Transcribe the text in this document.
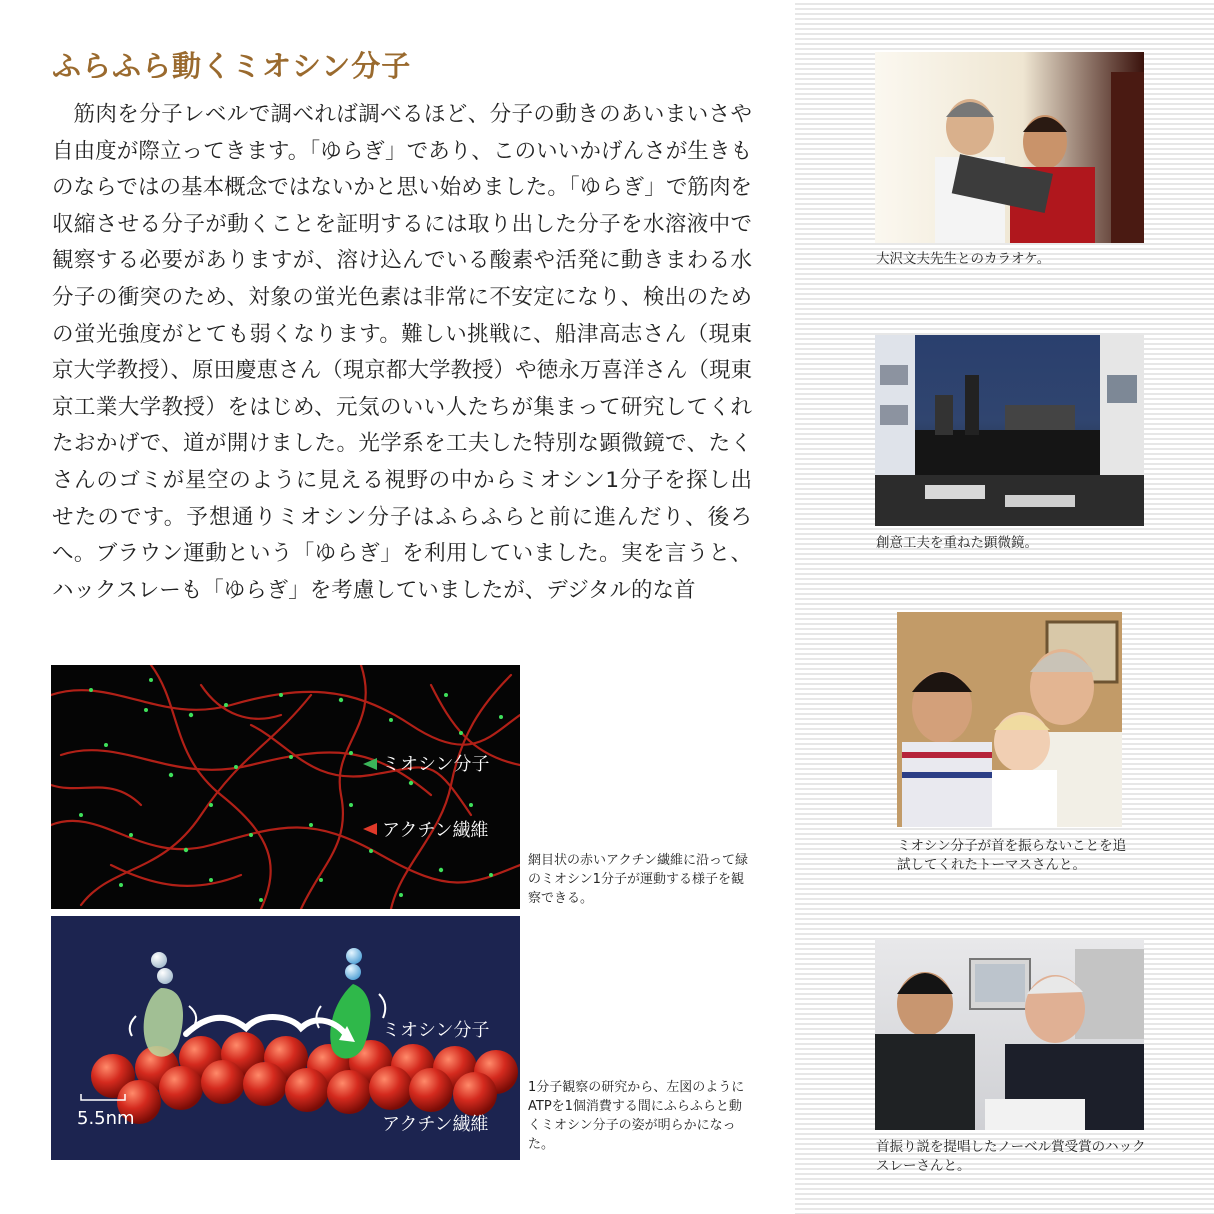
ふらふら動くミオシン分子

筋肉を分子レベルで調べれば調べるほど、分子の動きのあいまいさや自由度が際立ってきます。「ゆらぎ」であり、このいいかげんさが生きものならではの基本概念ではないかと思い始めました。「ゆらぎ」で筋肉を収縮させる分子が動くことを証明するには取り出した分子を水溶液中で観察する必要がありますが、溶け込んでいる酸素や活発に動きまわる水分子の衝突のため、対象の蛍光色素は非常に不安定になり、検出のための蛍光強度がとても弱くなります。難しい挑戦に、船津高志さん（現東京大学教授）、原田慶恵さん（現京都大学教授）や徳永万喜洋さん（現東京工業大学教授）をはじめ、元気のいい人たちが集まって研究してくれたおかげで、道が開けました。光学系を工夫した特別な顕微鏡で、たくさんのゴミが星空のように見える視野の中からミオシン1分子を探し出せたのです。予想通りミオシン分子はふらふらと前に進んだり、後ろへ。ブラウン運動という「ゆらぎ」を利用していました。実を言うと、ハックスレーも「ゆらぎ」を考慮していましたが、デジタル的な首

ミオシン分子
アクチン繊維
網目状の赤いアクチン繊維に沿って緑のミオシン1分子が運動する様子を観察できる。
5.5nm
ミオシン分子
アクチン繊維
1分子観察の研究から、左図のようにATPを1個消費する間にふらふらと動くミオシン分子の姿が明らかになった。
大沢文夫先生とのカラオケ。
創意工夫を重ねた顕微鏡。
ミオシン分子が首を振らないことを追試してくれたトーマスさんと。
首振り説を提唱したノーベル賞受賞のハックスレーさんと。
